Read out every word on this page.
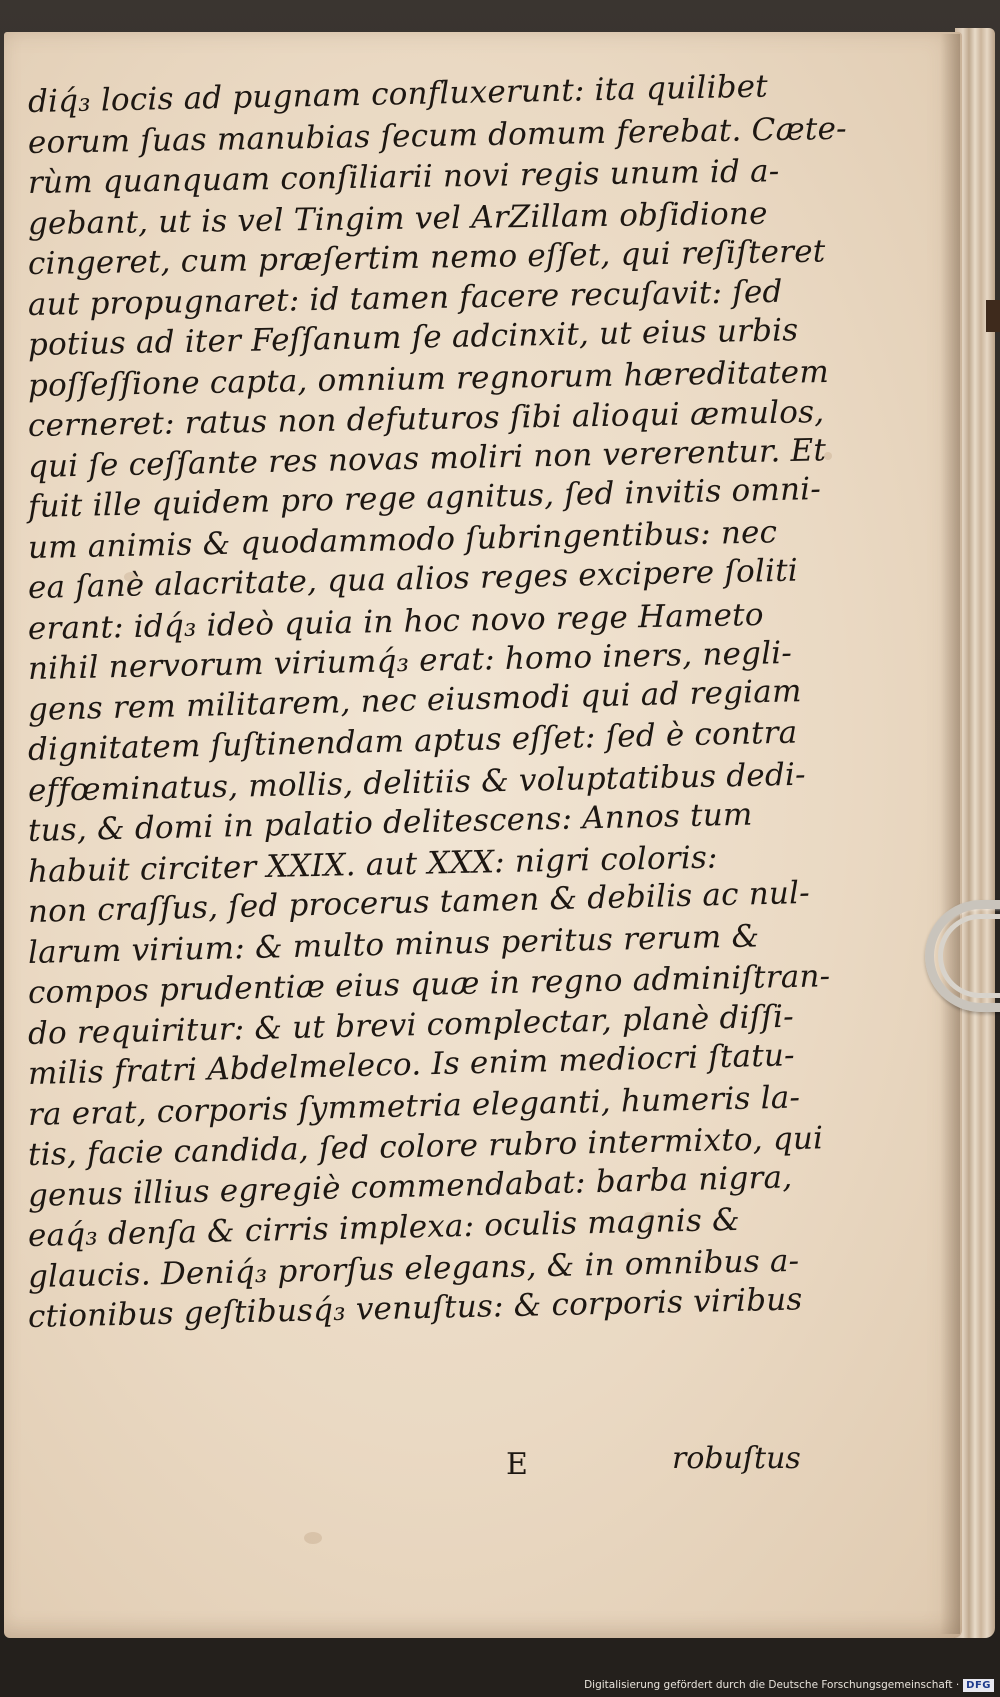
diq́₃ locis ad pugnam confluxerunt: ita quilibet
eorum ſuas manubias ſecum domum ferebat. Cæte-
rùm quanquam conſiliarii novi regis unum id a-
gebant, ut is vel Tingim vel ArZillam obſidione
cingeret, cum præſertim nemo eſſet, qui reſiſteret
aut propugnaret: id tamen facere recuſavit: ſed
potius ad iter Feſſanum ſe adcinxit, ut eius urbis
poſſeſſione capta, omnium regnorum hæreditatem
cerneret: ratus non defuturos ſibi alioqui æmulos,
qui ſe ceſſante res novas moliri non vererentur. Et
fuit ille quidem pro rege agnitus, ſed invitis omni-
um animis & quodammodo ſubringentibus: nec
ea ſanè alacritate, qua alios reges excipere ſoliti
erant: idq́₃ ideò quia in hoc novo rege Hameto
nihil nervorum viriumq́₃ erat: homo iners, negli-
gens rem militarem, nec eiusmodi qui ad regiam
dignitatem ſuſtinendam aptus eſſet: ſed è contra
effœminatus, mollis, delitiis & voluptatibus dedi-
tus, & domi in palatio delitescens: Annos tum
habuit circiter XXIX. aut XXX: nigri coloris:
non craſſus, ſed procerus tamen & debilis ac nul-
larum virium: & multo minus peritus rerum &
compos prudentiæ eius quæ in regno adminiſtran-
do requiritur: & ut brevi complectar, planè diſſi-
milis fratri Abdelmeleco. Is enim mediocri ſtatu-
ra erat, corporis ſymmetria eleganti, humeris la-
tis, facie candida, ſed colore rubro intermixto, qui
genus illius egregiè commendabat: barba nigra,
eaq́₃ denſa & cirris implexa: oculis magnis &
glaucis. Deniq́₃ prorſus elegans, & in omnibus a-
ctionibus geſtibusq́₃ venuſtus: & corporis viribus
E	robuſtus
Digitalisierung gefördert durch die Deutsche Forschungsgemeinschaft · DFG
